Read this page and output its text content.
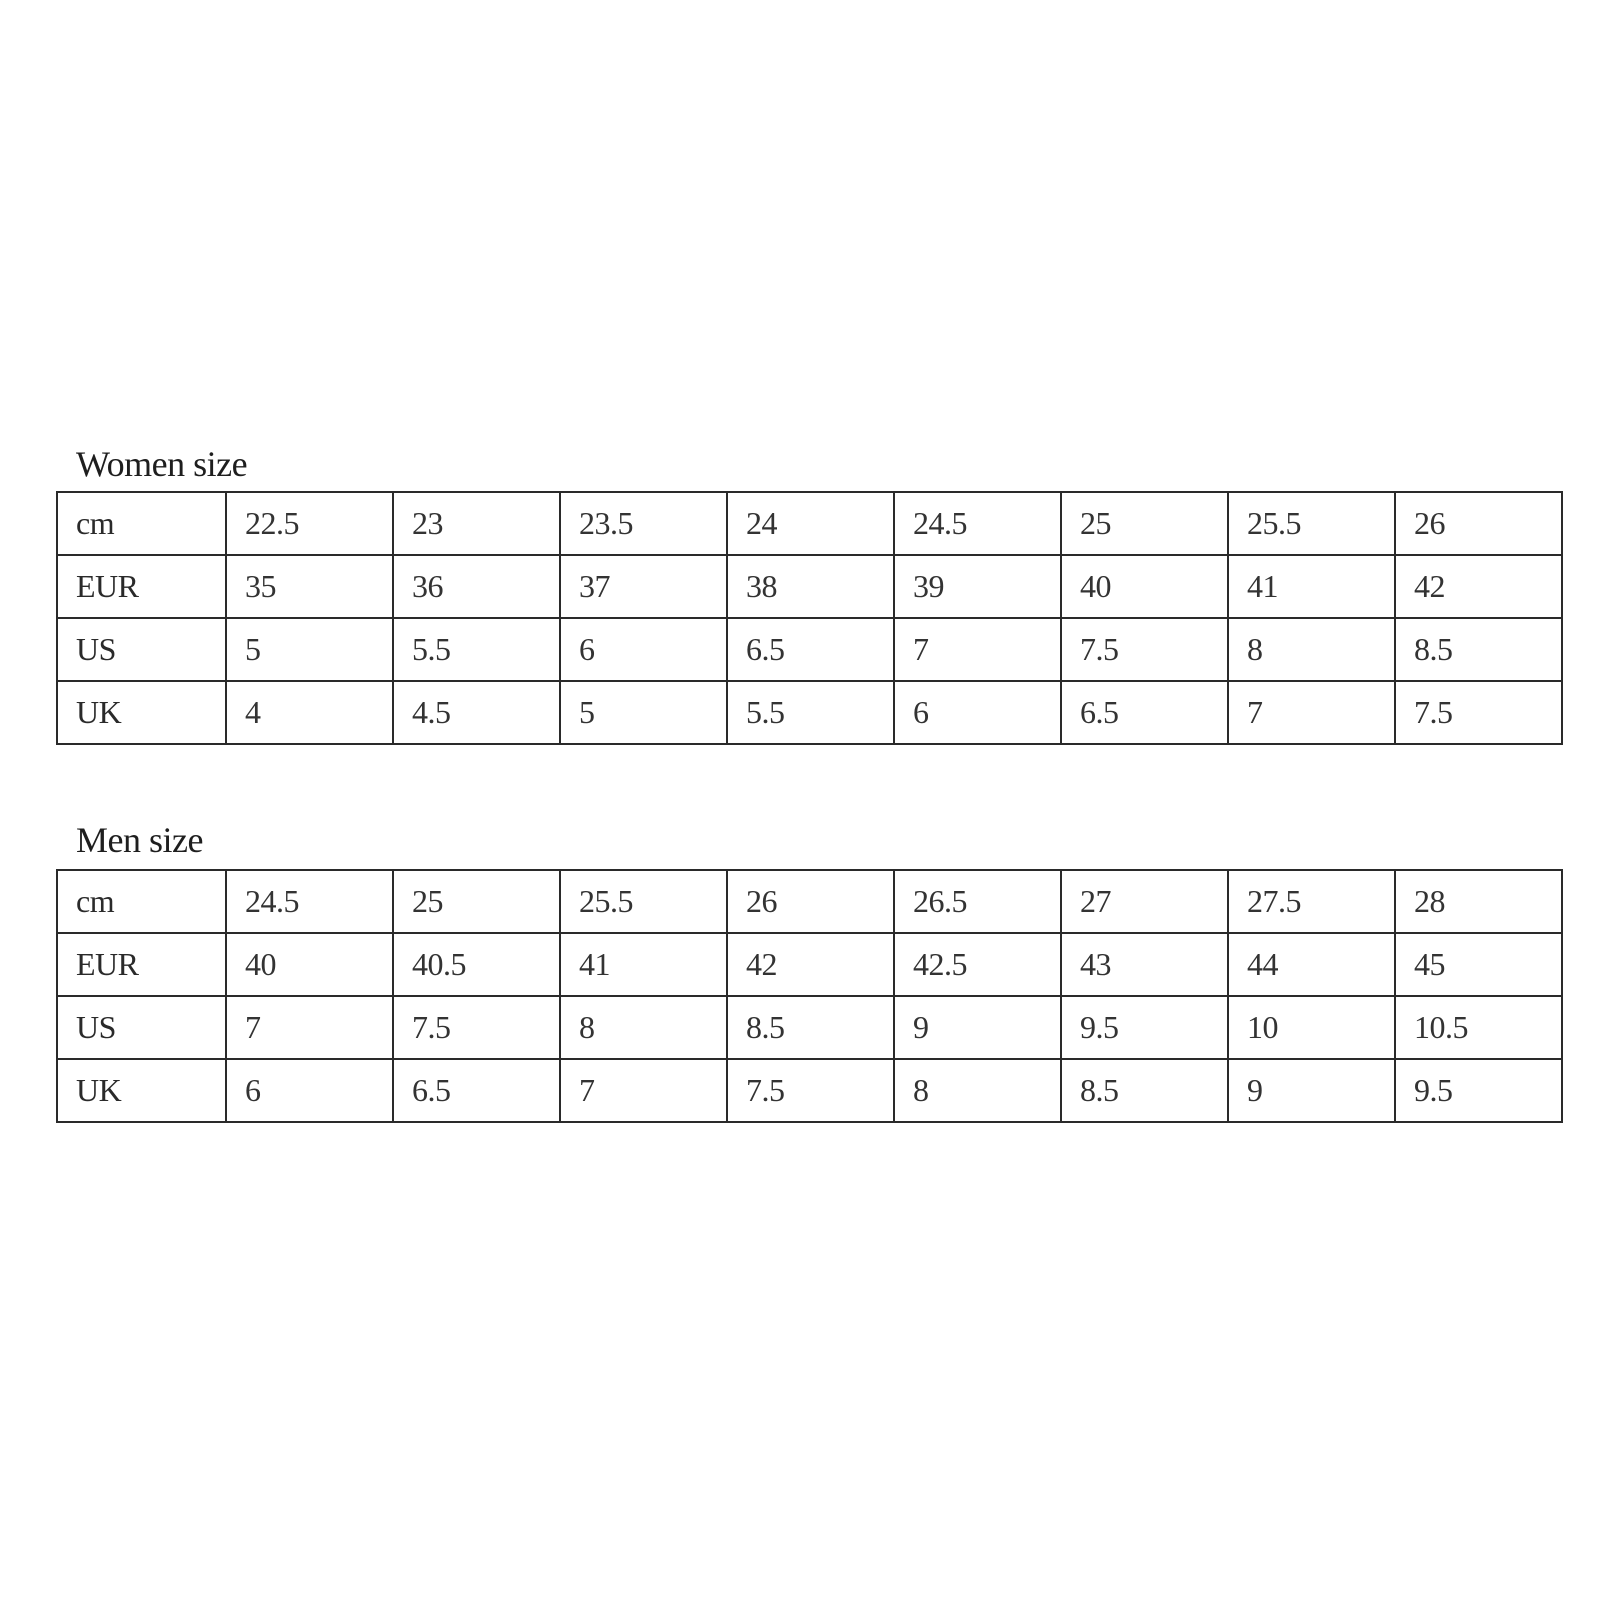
Women size
cm	22.5	23	23.5	24	24.5	25	25.5	26
EUR	35	36	37	38	39	40	41	42
US	5	5.5	6	6.5	7	7.5	8	8.5
UK	4	4.5	5	5.5	6	6.5	7	7.5
Men size
cm	24.5	25	25.5	26	26.5	27	27.5	28
EUR	40	40.5	41	42	42.5	43	44	45
US	7	7.5	8	8.5	9	9.5	10	10.5
UK	6	6.5	7	7.5	8	8.5	9	9.5
